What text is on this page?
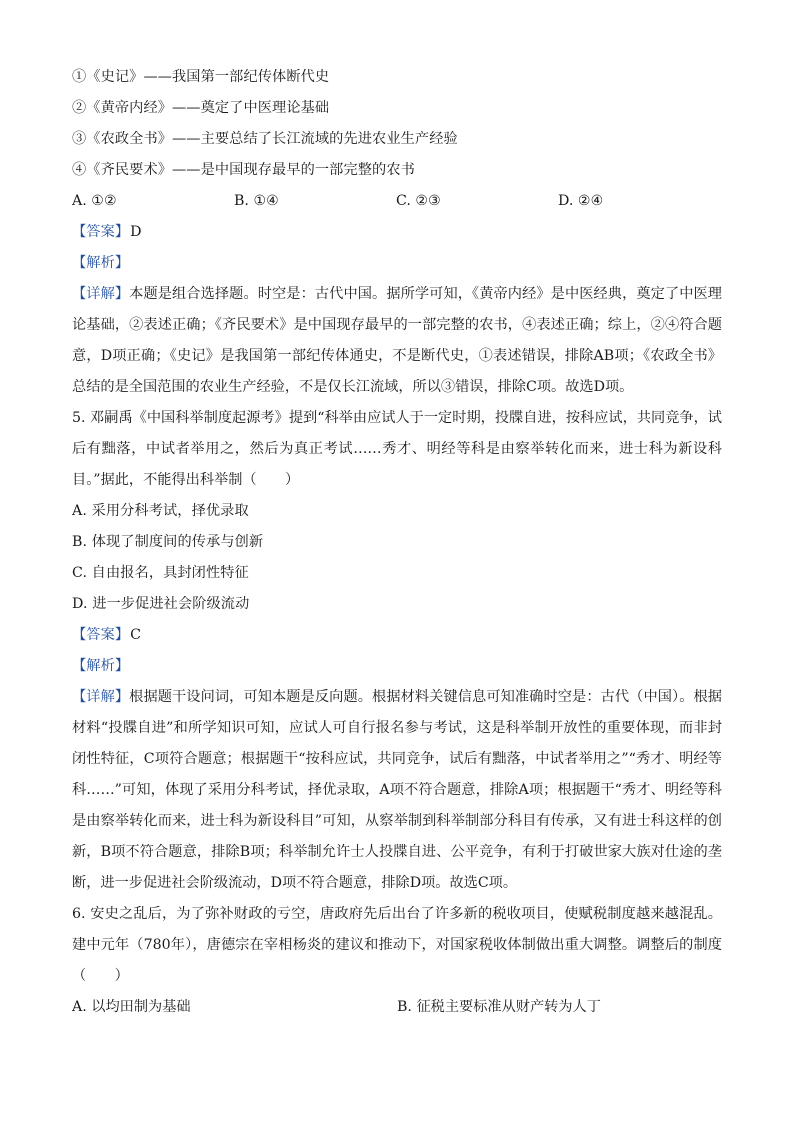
①《史记》——我国第一部纪传体断代史
②《黄帝内经》——奠定了中医理论基础
③《农政全书》——主要总结了长江流域的先进农业生产经验
④《齐民要术》——是中国现存最早的一部完整的农书
A. ①②	B. ①④	C. ②③	D. ②④
【答案】D
【解析】
【详解】本题是组合选择题。时空是：古代中国。据所学可知，《黄帝内经》是中医经典，奠定了中医理论基础，②表述正确；《齐民要术》是中国现存最早的一部完整的农书，④表述正确；综上，②④符合题意，D项正确；《史记》是我国第一部纪传体通史，不是断代史，①表述错误，排除AB项；《农政全书》总结的是全国范围的农业生产经验，不是仅长江流域，所以③错误，排除C项。故选D项。
5. 邓嗣禹《中国科举制度起源考》提到“科举由应试人于一定时期，投牒自进，按科应试，共同竞争，试后有黜落，中试者举用之，然后为真正考试……秀才、明经等科是由察举转化而来，进士科为新设科目。”据此，不能得出科举制（　　）
A. 采用分科考试，择优录取
B. 体现了制度间的传承与创新
C. 自由报名，具封闭性特征
D. 进一步促进社会阶级流动
【答案】C
【解析】
【详解】根据题干设问词，可知本题是反向题。根据材料关键信息可知准确时空是：古代（中国）。根据材料“投牒自进”和所学知识可知，应试人可自行报名参与考试，这是科举制开放性的重要体现，而非封闭性特征，C项符合题意；根据题干“按科应试，共同竞争，试后有黜落，中试者举用之”“秀才、明经等科……”可知，体现了采用分科考试，择优录取，A项不符合题意，排除A项；根据题干“秀才、明经等科是由察举转化而来，进士科为新设科目”可知，从察举制到科举制部分科目有传承，又有进士科这样的创新，B项不符合题意，排除B项；科举制允许士人投牒自进、公平竞争，有利于打破世家大族对仕途的垄断，进一步促进社会阶级流动，D项不符合题意，排除D项。故选C项。
6. 安史之乱后，为了弥补财政的亏空，唐政府先后出台了许多新的税收项目，使赋税制度越来越混乱。建中元年（780年），唐德宗在宰相杨炎的建议和推动下，对国家税收体制做出重大调整。调整后的制度（　　）
A. 以均田制为基础	B. 征税主要标准从财产转为人丁
